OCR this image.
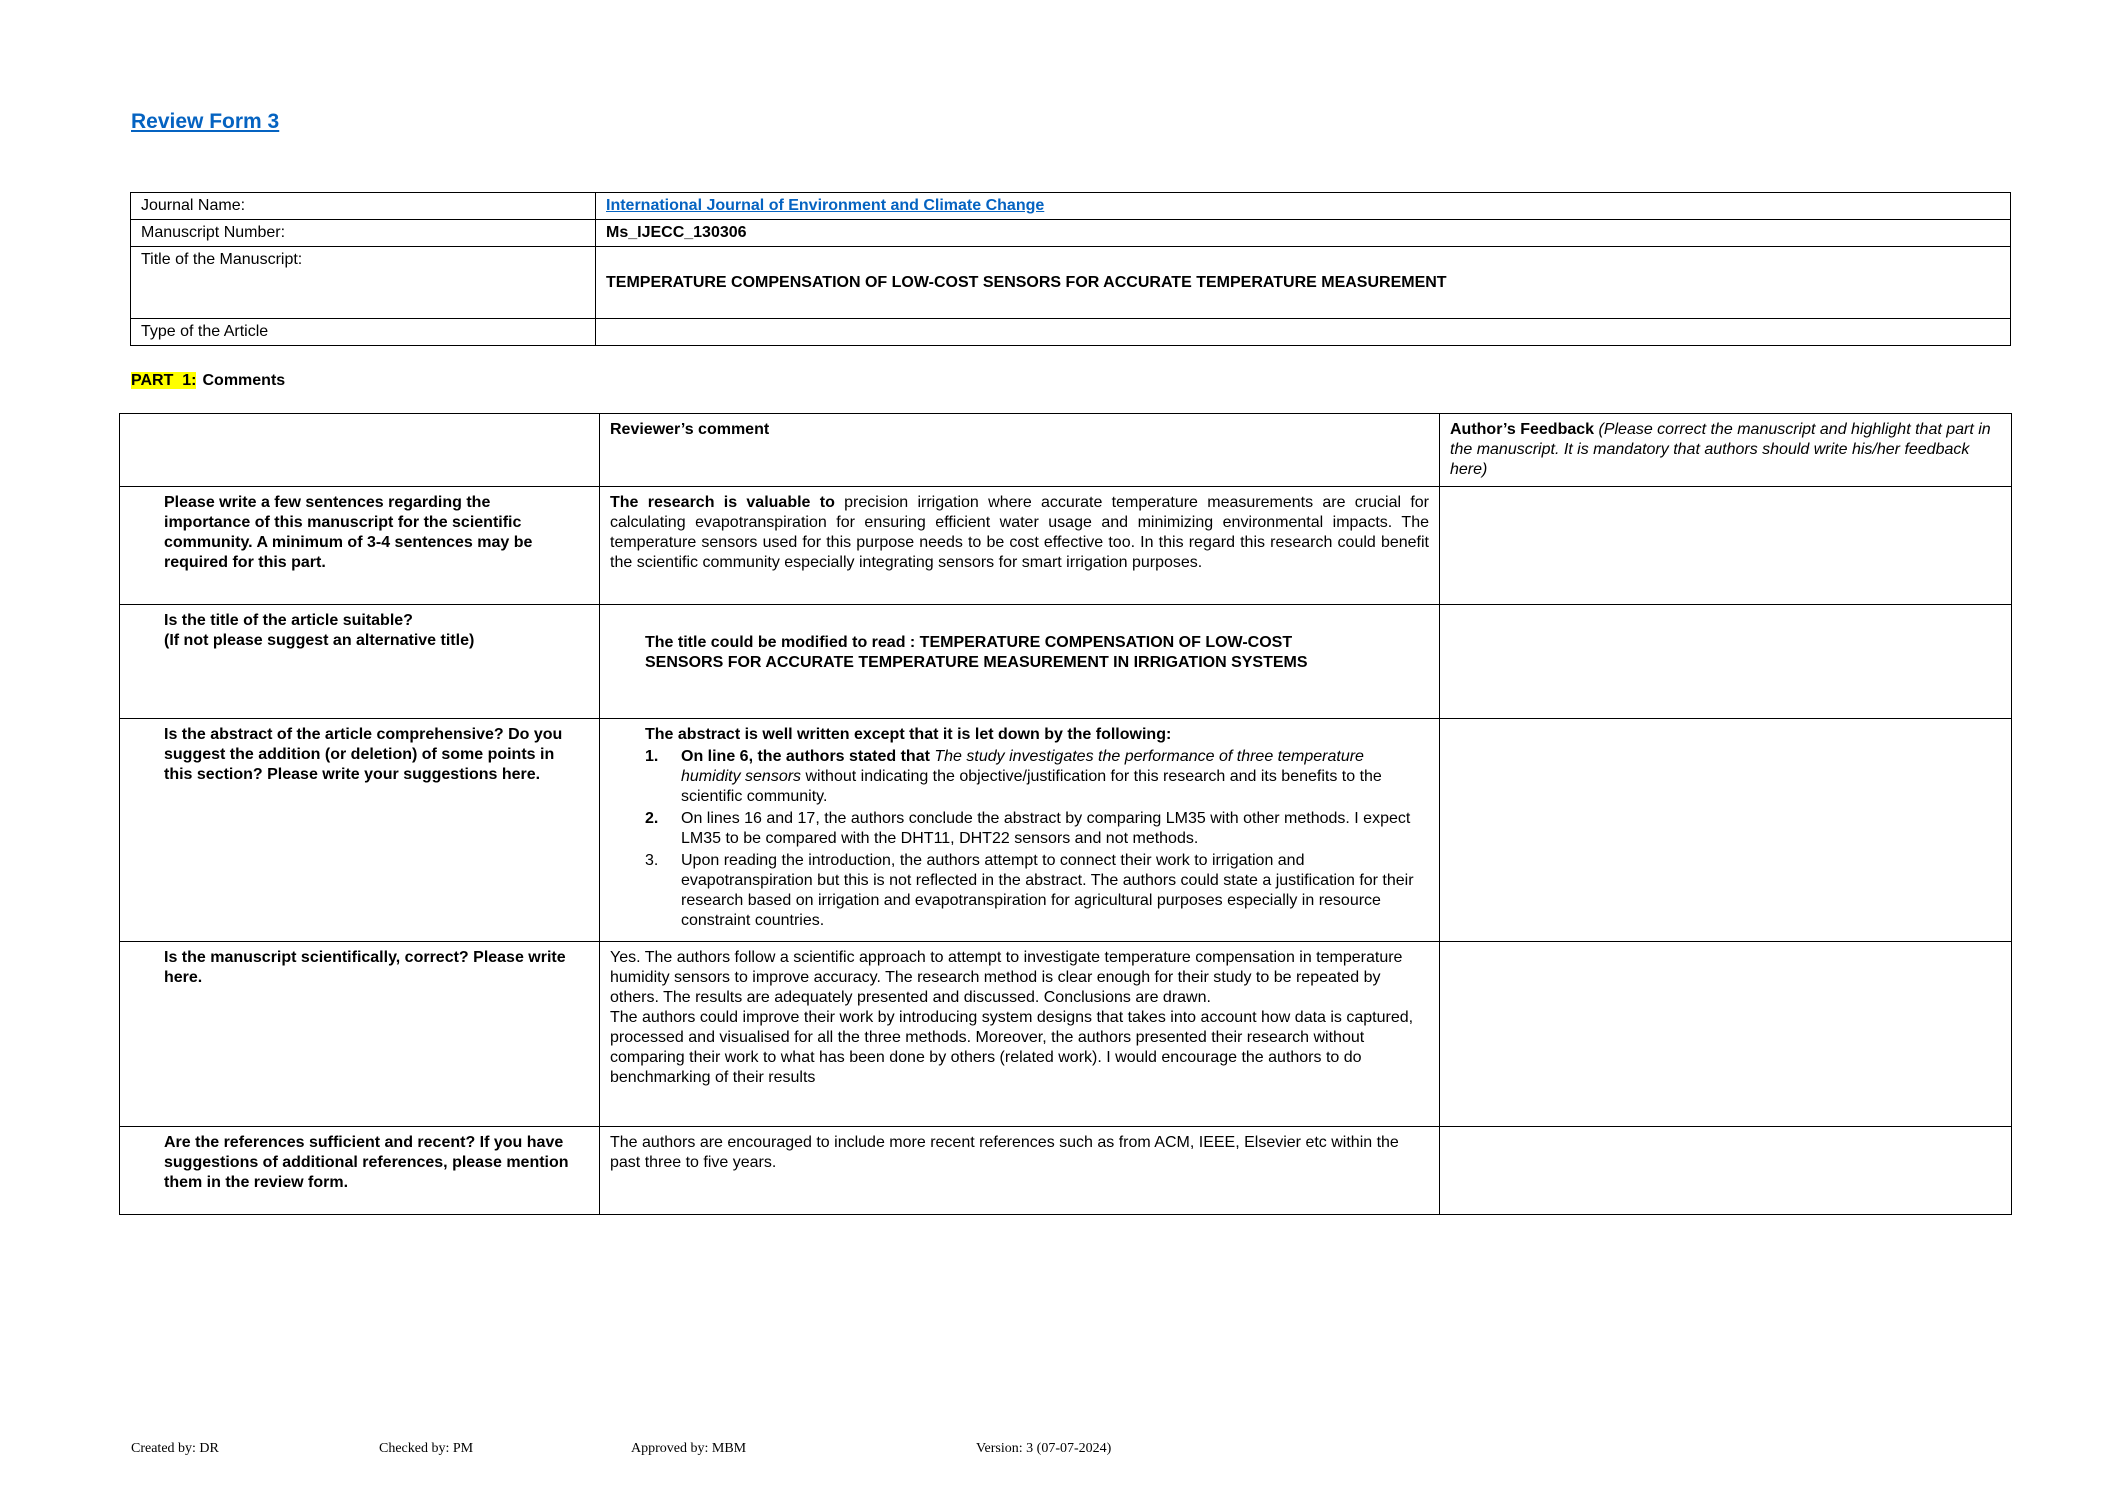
Review Form 3
Journal Name:	International Journal of Environment and Climate Change
Manuscript Number:	Ms_IJECC_130306
Title of the Manuscript:	TEMPERATURE COMPENSATION OF LOW-COST SENSORS FOR ACCURATE TEMPERATURE MEASUREMENT
Type of the Article	
PART  1: Comments
	Reviewer’s comment	Author’s Feedback (Please correct the manuscript and highlight that part in the manuscript. It is mandatory that authors should write his/her feedback here)

Please write a few sentences regarding the importance of this manuscript for the scientific community. A minimum of 3-4 sentences may be required for this part.	The research is valuable to precision irrigation where accurate temperature measurements are crucial for calculating evapotranspiration for ensuring efficient water usage and minimizing environmental impacts. The temperature sensors used for this purpose needs to be cost effective too. In this regard this research could benefit the scientific community especially integrating sensors for smart irrigation purposes.	

Is the title of the article suitable?
(If not please suggest an alternative title)	The title could be modified to read : TEMPERATURE COMPENSATION OF LOW-COST SENSORS FOR ACCURATE TEMPERATURE MEASUREMENT IN IRRIGATION SYSTEMS	

Is the abstract of the article comprehensive? Do you suggest the addition (or deletion) of some points in this section? Please write your suggestions here.

The abstract is well written except that it is let down by the following:
1.	On line 6, the authors stated that The study investigates the performance of three temperature humidity sensors without indicating the objective/justification for this research and its benefits to the scientific community.
2.	On lines 16 and 17, the authors conclude the abstract by comparing LM35 with other methods. I expect LM35 to be compared with the DHT11, DHT22 sensors and not methods.
3.	Upon reading the introduction, the authors attempt to connect their work to irrigation and evapotranspiration but this is not reflected in the abstract. The authors could state a justification for their research based on irrigation and evapotranspiration for agricultural purposes especially in resource constraint countries.

Is the manuscript scientifically, correct? Please write here.	Yes. The authors follow a scientific approach to attempt to investigate temperature compensation in temperature humidity sensors to improve accuracy. The research method is clear enough for their study to be repeated by others. The results are adequately presented and discussed. Conclusions are drawn.
The authors could improve their work by introducing system designs that takes into account how data is captured, processed and visualised for all the three methods. Moreover, the authors presented their research without comparing their work to what has been done by others (related work). I would encourage the authors to do benchmarking of their results	

Are the references sufficient and recent? If you have suggestions of additional references, please mention them in the review form.	The authors are encouraged to include more recent references such as from ACM, IEEE, Elsevier etc within the past three to five years.	

Created by: DR	Checked by: PM	Approved by: MBM	Version: 3 (07-07-2024)
